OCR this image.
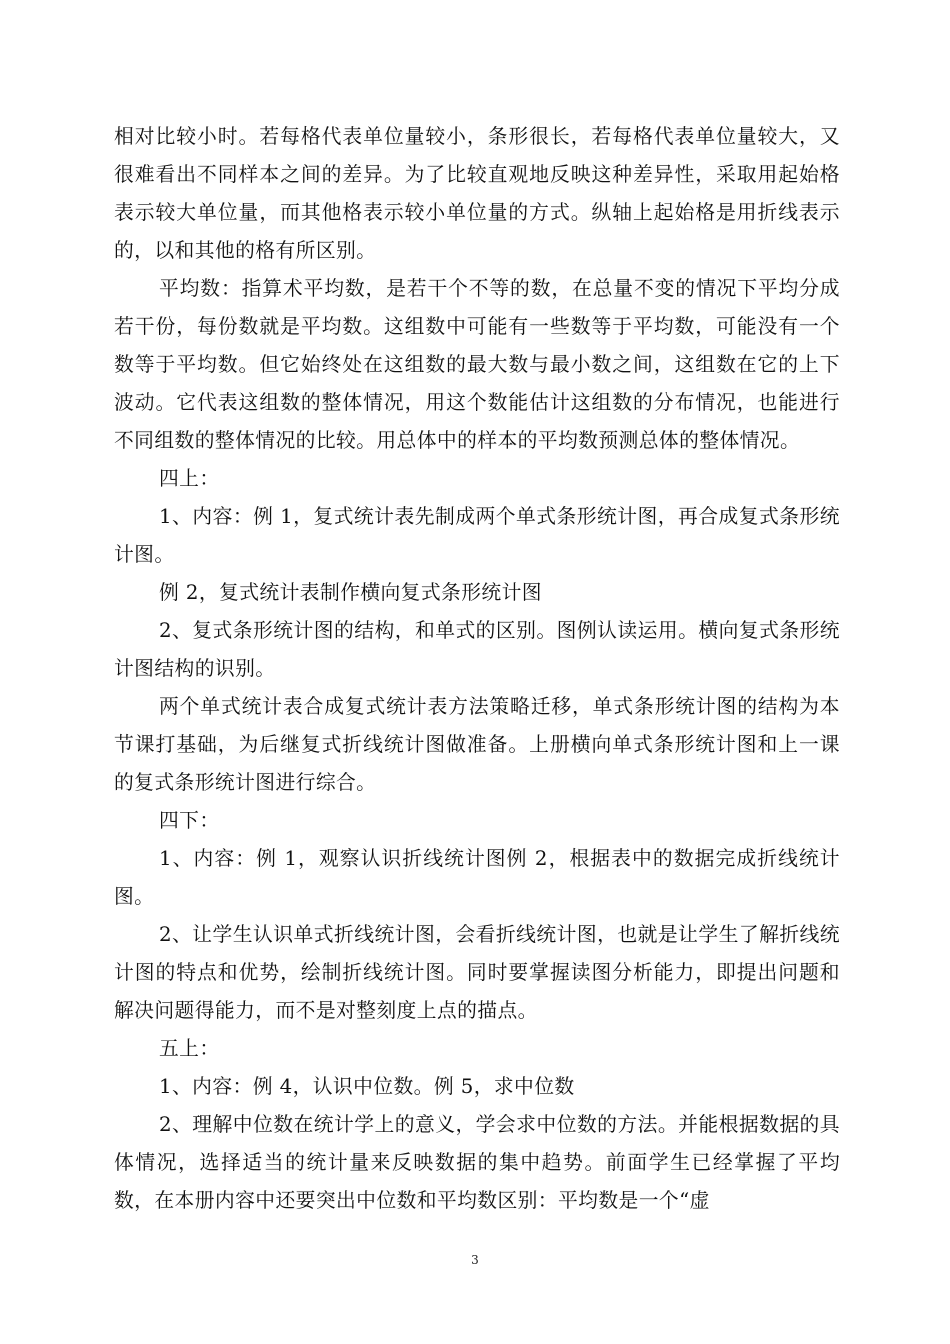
相对比较小时。若每格代表单位量较小，条形很长，若每格代表单位量较大，又很难看出不同样本之间的差异。为了比较直观地反映这种差异性，采取用起始格表示较大单位量，而其他格表示较小单位量的方式。纵轴上起始格是用折线表示的，以和其他的格有所区别。

平均数：指算术平均数，是若干个不等的数，在总量不变的情况下平均分成若干份，每份数就是平均数。这组数中可能有一些数等于平均数，可能没有一个数等于平均数。但它始终处在这组数的最大数与最小数之间，这组数在它的上下波动。它代表这组数的整体情况，用这个数能估计这组数的分布情况，也能进行不同组数的整体情况的比较。用总体中的样本的平均数预测总体的整体情况。

四上：

1、内容：例 1，复式统计表先制成两个单式条形统计图，再合成复式条形统计图。

例 2，复式统计表制作横向复式条形统计图

2、复式条形统计图的结构，和单式的区别。图例认读运用。横向复式条形统计图结构的识别。

两个单式统计表合成复式统计表方法策略迁移，单式条形统计图的结构为本节课打基础，为后继复式折线统计图做准备。上册横向单式条形统计图和上一课的复式条形统计图进行综合。

四下：

1、内容：例 1，观察认识折线统计图例 2，根据表中的数据完成折线统计图。

2、让学生认识单式折线统计图，会看折线统计图，也就是让学生了解折线统计图的特点和优势，绘制折线统计图。同时要掌握读图分析能力，即提出问题和解决问题得能力，而不是对整刻度上点的描点。

五上：

1、内容：例 4，认识中位数。例 5，求中位数

2、理解中位数在统计学上的意义，学会求中位数的方法。并能根据数据的具体情况，选择适当的统计量来反映数据的集中趋势。前面学生已经掌握了平均数，在本册内容中还要突出中位数和平均数区别：平均数是一个“虚

3
